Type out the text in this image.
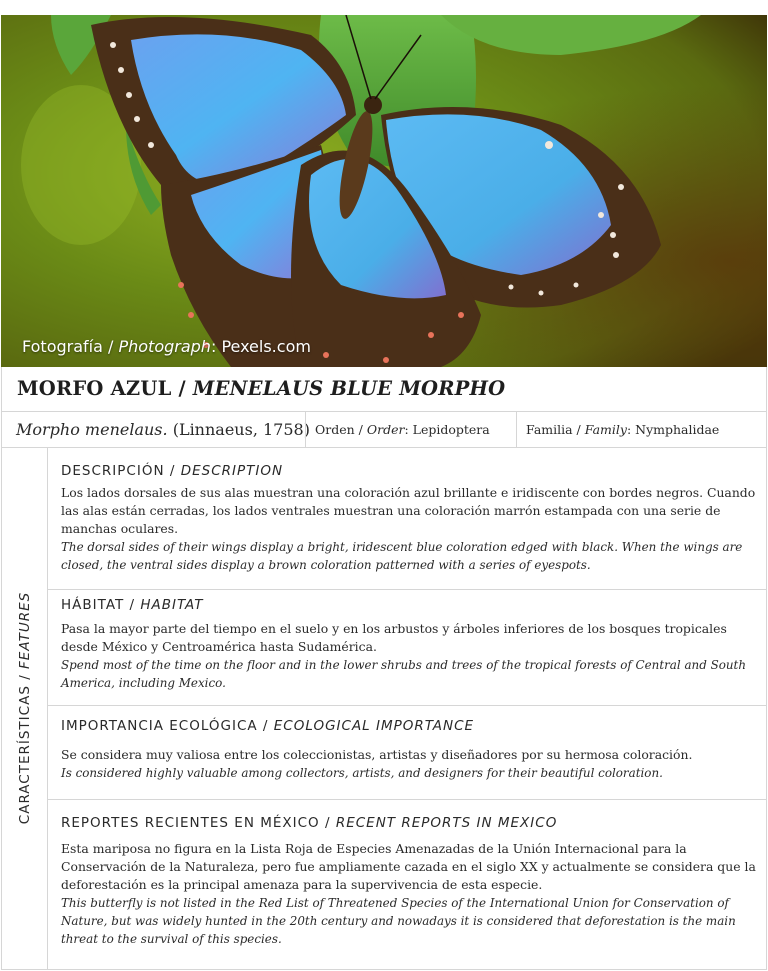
Fotografía / Photograph: Pexels.com
MORFO AZUL / MENELAUS BLUE MORPHO
Morpho menelaus. (Linnaeus, 1758) Orden / Order : Lepidoptera	Familia / Family : Nymphalidae
CARACTERÍSTICAS / FEATURES
DESCRIPCIÓN / DESCRIPTION
Los lados dorsales de sus alas muestran una coloración azul brillante e iridiscente con bordes negros. Cuando las alas están cerradas, los lados ventrales muestran una coloración marrón estampada con una serie de manchas oculares.
The dorsal sides of their wings display a bright, iridescent blue coloration edged with black. When the wings are closed, the ventral sides display a brown coloration patterned with a series of eyespots.
HÁBITAT / HABITAT
Pasa la mayor parte del tiempo en el suelo y en los arbustos y árboles inferiores de los bosques tropicales desde México y Centroamérica hasta Sudamérica.
Spend most of the time on the floor and in the lower shrubs and trees of the tropical forests of Central and South America, including Mexico.
IMPORTANCIA ECOLÓGICA / ECOLOGICAL IMPORTANCE
Se considera muy valiosa entre los coleccionistas, artistas y diseñadores por su hermosa coloración.
Is considered highly valuable among collectors, artists, and designers for their beautiful coloration.
REPORTES RECIENTES EN MÉXICO / RECENT REPORTS IN MEXICO
Esta mariposa no figura en la Lista Roja de Especies Amenazadas de la Unión Internacional para la Conservación de la Naturaleza, pero fue ampliamente cazada en el siglo XX y actualmente se considera que la deforestación es la principal amenaza para la supervivencia de esta especie.
This butterfly is not listed in the Red List of Threatened Species of the International Union for Conservation of Nature, but was widely hunted in the 20th century and nowadays it is considered that deforestation is the main threat to the survival of this species.
